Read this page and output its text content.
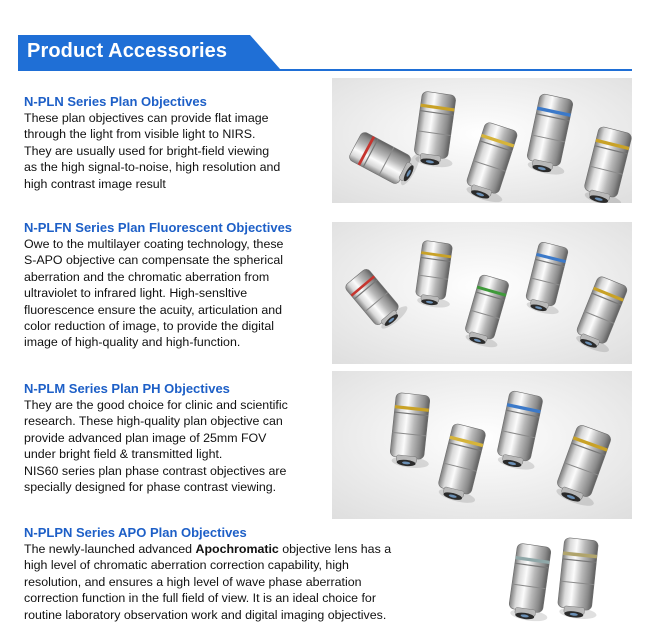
Product Accessories
N-PLN Series Plan Objectives
These plan objectives can provide flat image
through the light from visible light to NIRS.
They are usually used for bright-field viewing
as the high signal-to-noise, high resolution and
high contrast image result
N-PLFN Series Plan Fluorescent Objectives
Owe to the multilayer coating technology, these
S-APO objective can compensate the spherical
aberration and the chromatic aberration from
ultraviolet to infrared light. High-sensltive
fluorescence ensure the acuity, articulation and
color reduction of image, to provide the digital
image of high-quality and high-function.
N-PLM Series Plan PH Objectives
They are the good choice for clinic and scientific
research. These high-quality plan objective can
provide advanced plan image of 25mm FOV
under bright field & transmitted light.
NIS60 series plan phase contrast objectives are
specially designed for phase contrast viewing.
N-PLPN Series APO Plan Objectives
The newly-launched advanced Apochromatic objective lens has a
high level of chromatic aberration correction capability, high
resolution, and ensures a high level of wave phase aberration
correction function in the full field of view. It is an ideal choice for
routine laboratory observation work and digital imaging objectives.
